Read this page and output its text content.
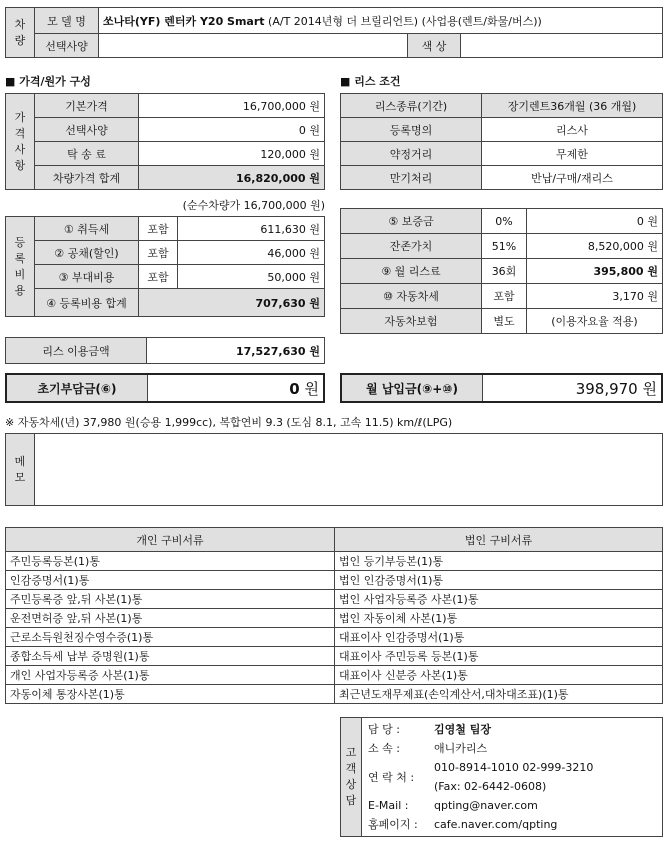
차
량	모 델 명	쏘나타(YF) 렌터카 Y20 Smart (A/T 2014년형 더 브릴리언트) (사업용(렌트/화물/버스))		
	선택사양		색 상	
■ 가격/원가 구성	■ 리스 조건
가
격
사
항	기본가격	16,700,000 원
	선택사양	0 원
	탁 송 료	120,000 원
	차량가격 합계	16,820,000 원
(순수차량가 16,700,000 원)
등
록
비
용	① 취득세	포함	611,630 원
	② 공채(할인)	포함	46,000 원
	③ 부대비용	포함	50,000 원
	④ 등록비용 합계	707,630 원	
리스 이용금액	17,527,630 원
리스종류(기간)	장기렌트36개월 (36 개월)
등록명의	리스사
약정거리	무제한
만기처리	반납/구매/재리스
⑤ 보증금	0%	0 원
잔존가치	51%	8,520,000 원
⑨ 월 리스료	36회	395,800 원
⑩ 자동차세	포함	3,170 원
자동차보험	별도	(이용자요율 적용)
초기부담금(⑥)	0 원	월 납입금(⑨+⑩)	398,970 원
※ 자동차세(년) 37,980 원(승용 1,999cc), 복합연비 9.3 (도심 8.1, 고속 11.5) km/ℓ(LPG)
메
모	
개인 구비서류	법인 구비서류
주민등록등본(1)통	법인 등기부등본(1)통
인감증명서(1)통	법인 인감증명서(1)통
주민등록증 앞,뒤 사본(1)통	법인 사업자등록증 사본(1)통
운전면허증 앞,뒤 사본(1)통	법인 자동이체 사본(1)통
근로소득원천징수영수증(1)통	대표이사 인감증명서(1)통
종합소득세 납부 증명원(1)통	대표이사 주민등록 등본(1)통
개인 사업자등록증 사본(1)통	대표이사 신분증 사본(1)통
자동이체 통장사본(1)통	최근년도재무제표(손익계산서,대차대조표)(1)통
고
객
상
담	
담 당 :	김영철 팀장
소 속 :	애니카리스
연 락 처 :
010-8914-1010 02-999-3210
(Fax: 02-6442-0608)
E-Mail : qpting@naver.com
홈페이지 : cafe.naver.com/qpting
